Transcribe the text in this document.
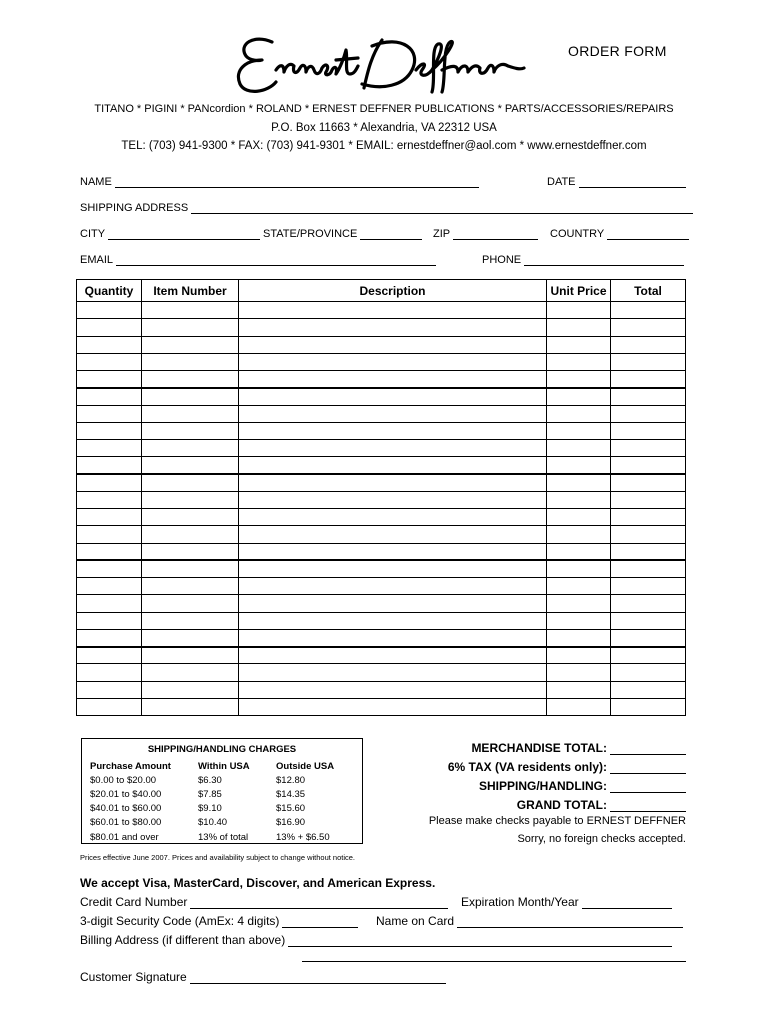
ORDER FORM
TITANO * PIGINI * PANcordion * ROLAND * ERNEST DEFFNER PUBLICATIONS * PARTS/ACCESSORIES/REPAIRS
P.O. Box 11663 * Alexandria, VA 22312 USA
TEL: (703) 941-9300 * FAX: (703) 941-9301 * EMAIL: ernestdeffner@aol.com * www.ernestdeffner.com
NAME	DATE
SHIPPING ADDRESS
CITY	STATE/PROVINCE	ZIP	COUNTRY
EMAIL	PHONE
Quantity	Item Number	Description	Unit Price	Total

SHIPPING/HANDLING CHARGES
Purchase Amount	Within USA	Outside USA
$0.00 to $20.00	$6.30	$12.80
$20.01 to $40.00	$7.85	$14.35
$40.01 to $60.00	$9.10	$15.60
$60.01 to $80.00	$10.40	$16.90
$80.01 and over	13% of total	13% + $6.50
MERCHANDISE TOTAL:
6% TAX (VA residents only):
SHIPPING/HANDLING:
GRAND TOTAL:
Please make checks payable to ERNEST DEFFNER
Sorry, no foreign checks accepted.
Prices effective June 2007. Prices and availability subject to change without notice.
We accept Visa, MasterCard, Discover, and American Express.
Credit Card Number	Expiration Month/Year
3-digit Security Code (AmEx: 4 digits)	Name on Card
Billing Address (if different than above)
Customer Signature
